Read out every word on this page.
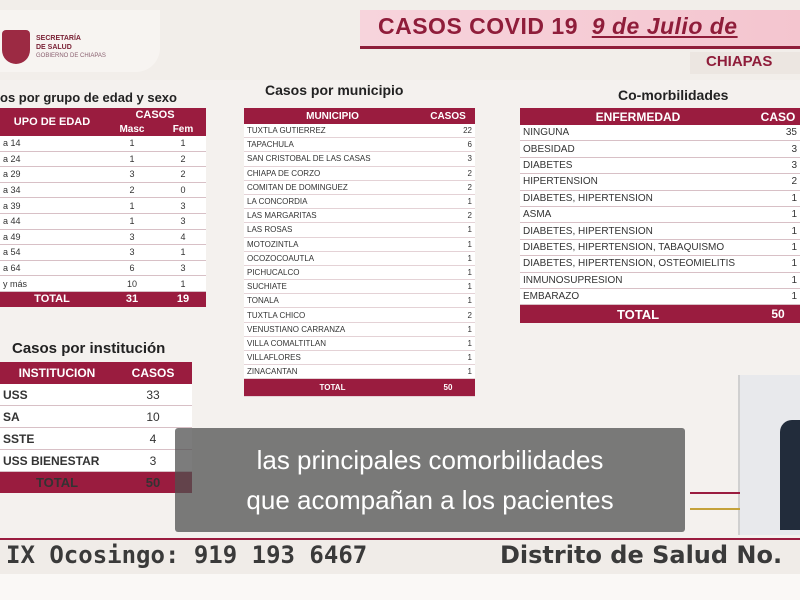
SECRETARÍA
DE SALUD
GOBIERNO DE CHIAPAS
CASOS COVID 19 9 de Julio de
CHIAPAS
os por grupo de edad y sexo
UPO DE EDAD	CASOS	
	Masc	Fem
a 14	1	1
a 24	1	2
a 29	3	2
a 34	2	0
a 39	1	3
a 44	1	3
a 49	3	4
a 54	3	1
a 64	6	3
y más	10	1
TOTAL	31	19
Casos por municipio
MUNICIPIO	CASOS
TUXTLA GUTIERREZ	22
TAPACHULA	6
SAN CRISTOBAL DE LAS CASAS	3
CHIAPA DE CORZO	2
COMITAN DE DOMINGUEZ	2
LA CONCORDIA	1
LAS MARGARITAS	2
LAS ROSAS	1
MOTOZINTLA	1
OCOZOCOAUTLA	1
PICHUCALCO	1
SUCHIATE	1
TONALA	1
TUXTLA CHICO	2
VENUSTIANO CARRANZA	1
VILLA COMALTITLAN	1
VILLAFLORES	1
ZINACANTAN	1
TOTAL	50
Co-morbilidades
ENFERMEDAD	CASO
NINGUNA	35
OBESIDAD	3
DIABETES	3
HIPERTENSION	2
DIABETES, HIPERTENSION	1
ASMA	1
DIABETES, HIPERTENSION	1
DIABETES, HIPERTENSION, TABAQUISMO	1
DIABETES, HIPERTENSION, OSTEOMIELITIS	1
INMUNOSUPRESION	1
EMBARAZO	1
TOTAL	50
Casos por institución
INSTITUCION	CASOS
USS	33
SA	10
SSTE	4
USS BIENESTAR	3
TOTAL	50
las principales comorbilidades
que acompañan a los pacientes
IX Ocosingo: 919 193 6467	Distrito de Salud No.
